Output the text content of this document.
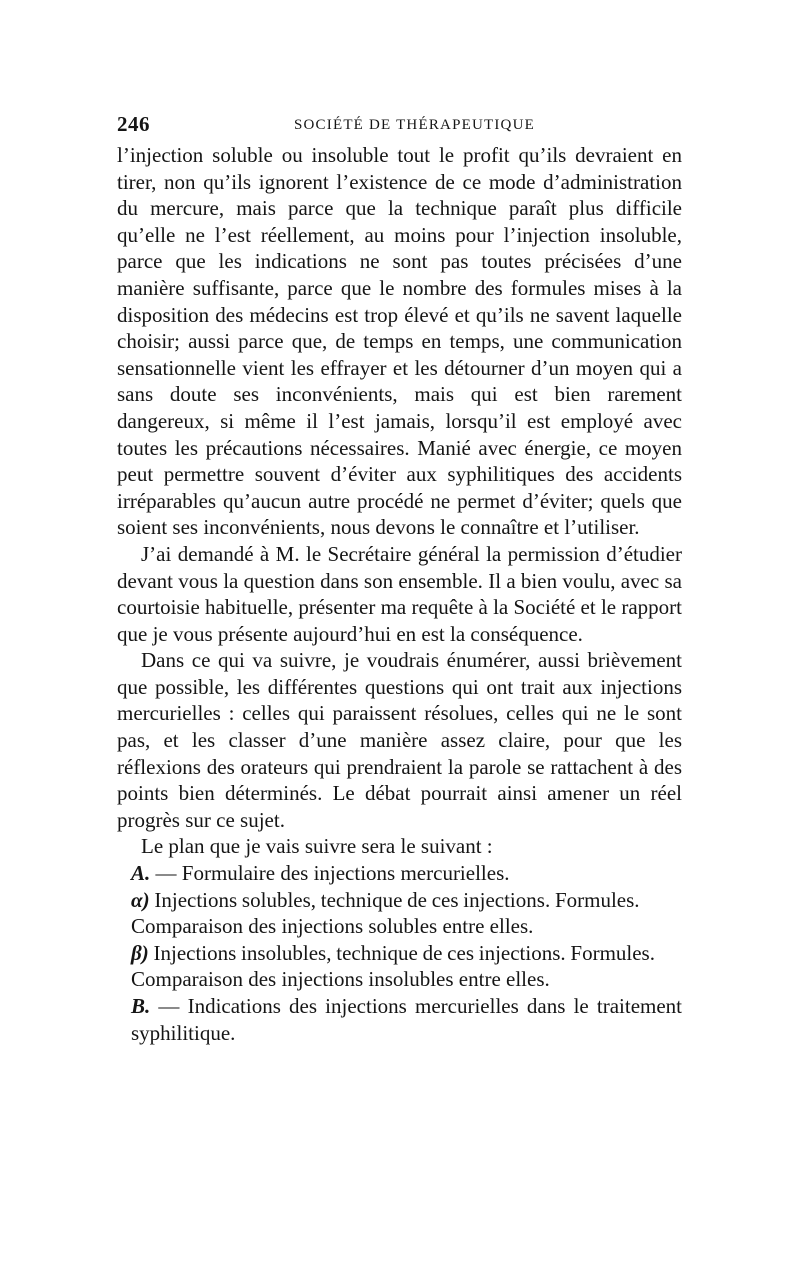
246	SOCIÉTÉ DE THÉRAPEUTIQUE

l’injection soluble ou insoluble tout le profit qu’ils devraient en tirer, non qu’ils ignorent l’existence de ce mode d’administration du mercure, mais parce que la technique paraît plus difficile qu’elle ne l’est réellement, au moins pour l’injection insoluble, parce que les indications ne sont pas toutes précisées d’une manière suffisante, parce que le nombre des formules mises à la disposition des médecins est trop élevé et qu’ils ne savent laquelle choisir; aussi parce que, de temps en temps, une communication sensationnelle vient les effrayer et les détourner d’un moyen qui a sans doute ses inconvénients, mais qui est bien rarement dangereux, si même il l’est jamais, lorsqu’il est employé avec toutes les précautions nécessaires. Manié avec énergie, ce moyen peut permettre souvent d’éviter aux syphilitiques des accidents irréparables qu’aucun autre procédé ne permet d’éviter; quels que soient ses inconvénients, nous devons le connaître et l’utiliser.

J’ai demandé à M. le Secrétaire général la permission d’étudier devant vous la question dans son ensemble. Il a bien voulu, avec sa courtoisie habituelle, présenter ma requête à la Société et le rapport que je vous présente aujourd’hui en est la conséquence.

Dans ce qui va suivre, je voudrais énumérer, aussi brièvement que possible, les différentes questions qui ont trait aux injections mercurielles : celles qui paraissent résolues, celles qui ne le sont pas, et les classer d’une manière assez claire, pour que les réflexions des orateurs qui prendraient la parole se rattachent à des points bien déterminés. Le débat pourrait ainsi amener un réel progrès sur ce sujet.

Le plan que je vais suivre sera le suivant :

A. — Formulaire des injections mercurielles.

α) Injections solubles, technique de ces injections. Formules.

Comparaison des injections solubles entre elles.

β) Injections insolubles, technique de ces injections. Formules.

Comparaison des injections insolubles entre elles.

B. — Indications des injections mercurielles dans le traitement syphilitique.
